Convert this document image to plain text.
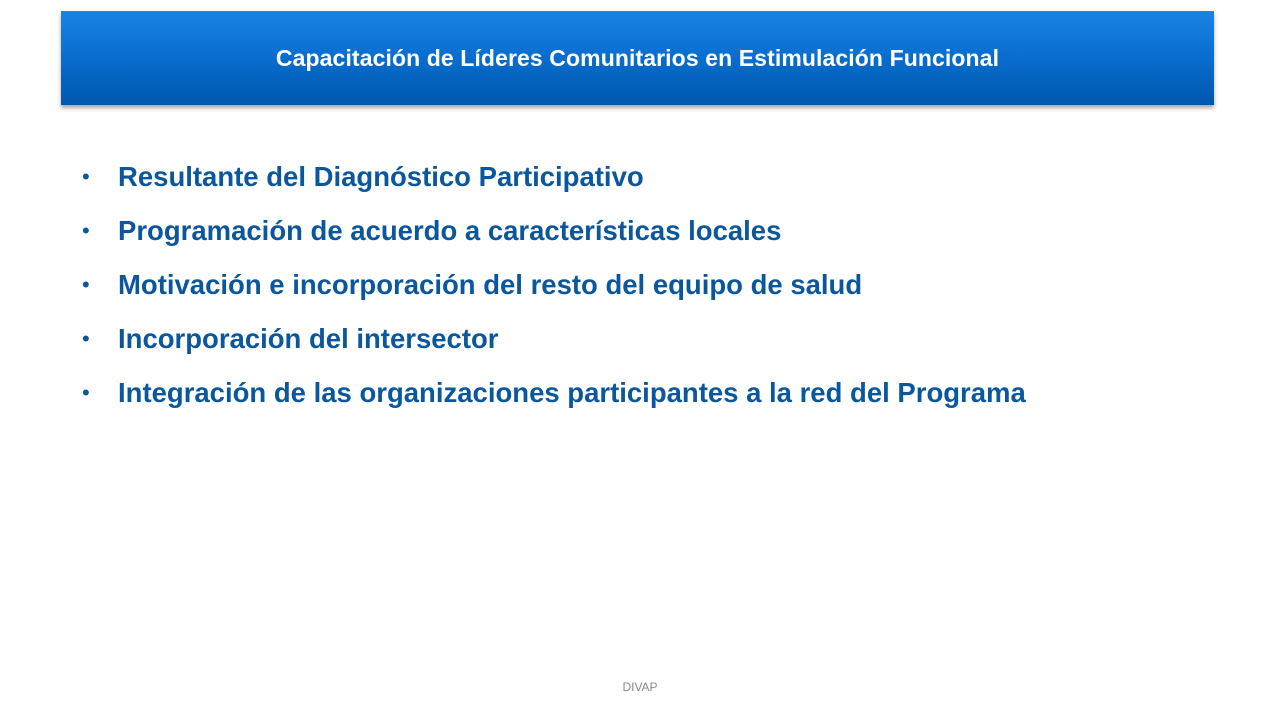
Capacitación de Líderes Comunitarios en Estimulación Funcional
•	Resultante del Diagnóstico Participativo
•	Programación de acuerdo a características locales
•	Motivación e incorporación del resto del equipo de salud
•	Incorporación del intersector
•	Integración de las organizaciones participantes a la red del Programa
DIVAP
